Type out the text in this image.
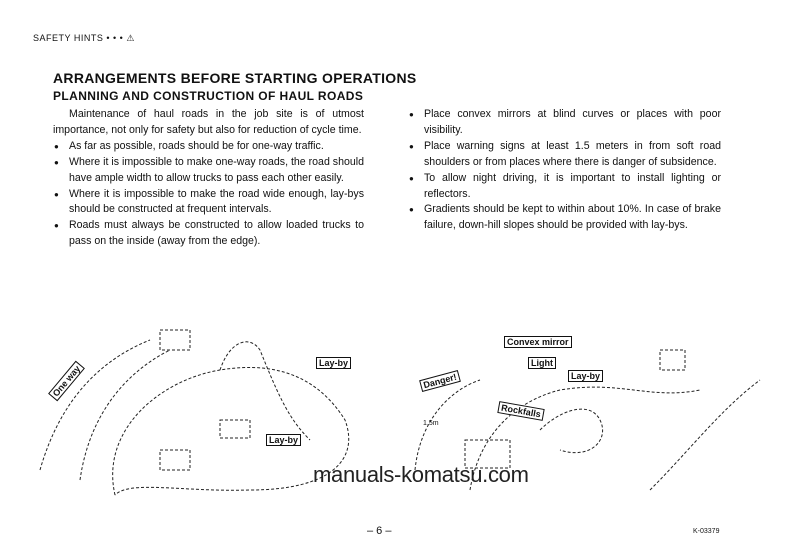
SAFETY HINTS • • • ⚠
ARRANGEMENTS BEFORE STARTING OPERATIONS
PLANNING AND CONSTRUCTION OF HAUL ROADS

Maintenance of haul roads in the job site is of utmost importance, not only for safety but also for reduction of cycle time.

● As far as possible, roads should be for one-way traffic.
● Where it is impossible to make one-way roads, the road should have ample width to allow trucks to pass each other easily.
● Where it is impossible to make the road wide enough, lay-bys should be constructed at frequent intervals.
● Roads must always be constructed to allow loaded trucks to pass on the inside (away from the edge).
● Place convex mirrors at blind curves or places with poor visibility.
● Place warning signs at least 1.5 meters in from soft road shoulders or from places where there is danger of subsidence.
● To allow night driving, it is important to install lighting or reflectors.
● Gradients should be kept to within about 10%. In case of brake failure, down-hill slopes should be provided with lay-bys.
One way
Lay-by
Lay-by
Convex mirror
Danger!
Light
Lay-by
Rockfalls
1.5m
manuals-komatsu.com
– 6 –	K-03379
